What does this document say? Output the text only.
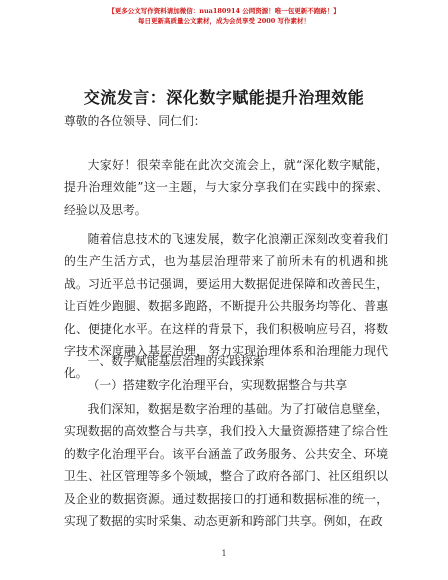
【更多公文写作资料请加微信：nua180914 公网资源！唯一包更新不跑路！】
每日更新高质量公文素材，成为会员享受 2000 写作素材！
交流发言：深化数字赋能提升治理效能

尊敬的各位领导、同仁们：

大家好！很荣幸能在此次交流会上，就“深化数字赋能，提升治理效能”这一主题，与大家分享我们在实践中的探索、经验以及思考。

随着信息技术的飞速发展，数字化浪潮正深刻改变着我们的生产生活方式，也为基层治理带来了前所未有的机遇和挑战。习近平总书记强调，要运用大数据促进保障和改善民生，让百姓少跑腿、数据多跑路，不断提升公共服务均等化、普惠化、便捷化水平。在这样的背景下，我们积极响应号召，将数字技术深度融入基层治理，努力实现治理体系和治理能力现代化。

一、数字赋能基层治理的实践探索

（一）搭建数字化治理平台，实现数据整合与共享

我们深知，数据是数字治理的基础。为了打破信息壁垒，实现数据的高效整合与共享，我们投入大量资源搭建了综合性的数字化治理平台。该平台涵盖了政务服务、公共安全、环境卫生、社区管理等多个领域，整合了政府各部门、社区组织以及企业的数据资源。通过数据接口的打通和数据标准的统一，实现了数据的实时采集、动态更新和跨部门共享。例如，在政

1
